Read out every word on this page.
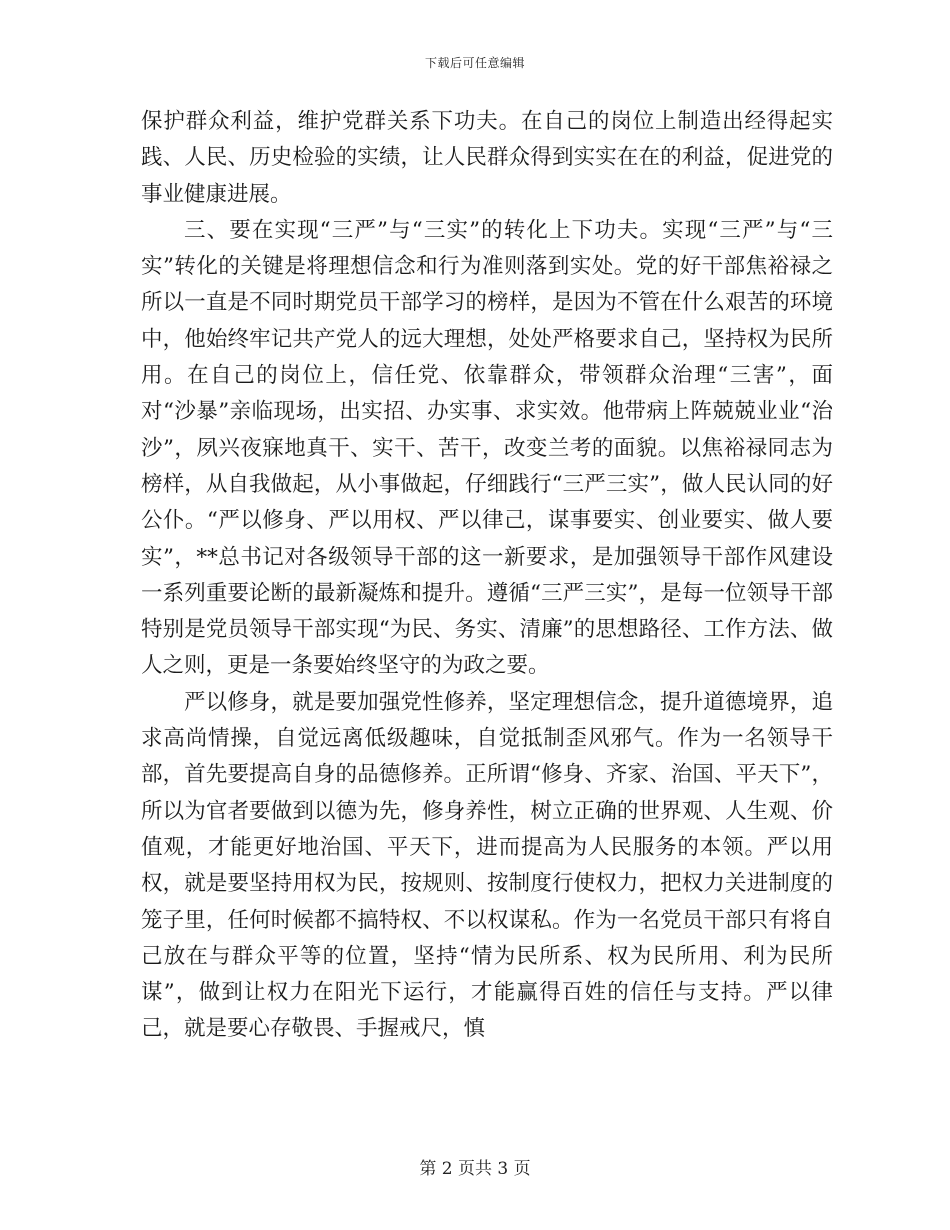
下载后可任意编辑

保护群众利益，维护党群关系下功夫。在自己的岗位上制造出经得起实践、人民、历史检验的实绩，让人民群众得到实实在在的利益，促进党的事业健康进展。

三、要在实现“三严”与“三实”的转化上下功夫。实现“三严”与“三实”转化的关键是将理想信念和行为准则落到实处。党的好干部焦裕禄之所以一直是不同时期党员干部学习的榜样，是因为不管在什么艰苦的环境中，他始终牢记共产党人的远大理想，处处严格要求自己，坚持权为民所用。在自己的岗位上，信任党、依靠群众，带领群众治理“三害”，面对“沙暴”亲临现场，出实招、办实事、求实效。他带病上阵兢兢业业“治沙”，夙兴夜寐地真干、实干、苦干，改变兰考的面貌。以焦裕禄同志为榜样，从自我做起，从小事做起，仔细践行“三严三实”，做人民认同的好公仆。“严以修身、严以用权、严以律己，谋事要实、创业要实、做人要实”，**总书记对各级领导干部的这一新要求，是加强领导干部作风建设一系列重要论断的最新凝炼和提升。遵循“三严三实”，是每一位领导干部特别是党员领导干部实现“为民、务实、清廉”的思想路径、工作方法、做人之则，更是一条要始终坚守的为政之要。

严以修身，就是要加强党性修养，坚定理想信念，提升道德境界，追求高尚情操，自觉远离低级趣味，自觉抵制歪风邪气。作为一名领导干部，首先要提高自身的品德修养。正所谓“修身、齐家、治国、平天下”，所以为官者要做到以德为先，修身养性，树立正确的世界观、人生观、价值观，才能更好地治国、平天下，进而提高为人民服务的本领。严以用权，就是要坚持用权为民，按规则、按制度行使权力，把权力关进制度的笼子里，任何时候都不搞特权、不以权谋私。作为一名党员干部只有将自己放在与群众平等的位置，坚持“情为民所系、权为民所用、利为民所谋”，做到让权力在阳光下运行，才能赢得百姓的信任与支持。严以律己，就是要心存敬畏、手握戒尺，慎

第 2 页共 3 页
